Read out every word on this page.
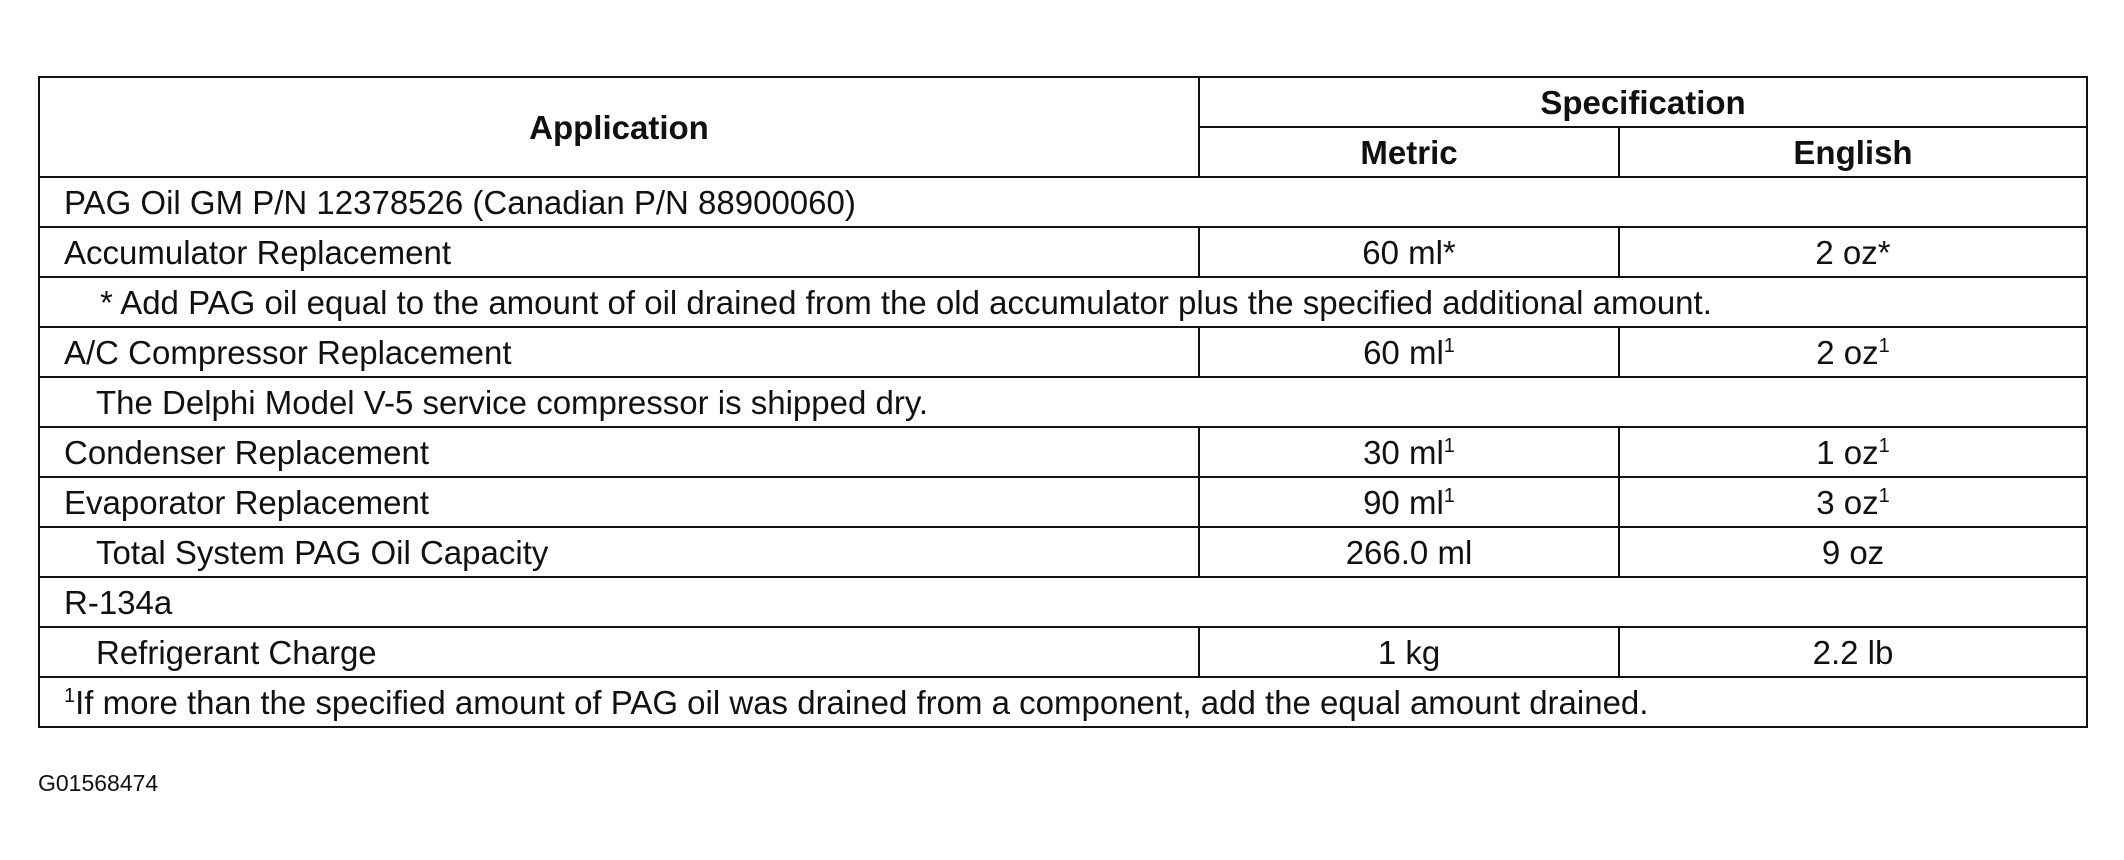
Application	Specification	
	Metric	English
PAG Oil GM P/N 12378526 (Canadian P/N 88900060)		
Accumulator Replacement	60 ml*	2 oz*
* Add PAG oil equal to the amount of oil drained from the old accumulator plus the specified additional amount.		
A/C Compressor Replacement	60 $ml^1$	2 $oz^1$
The Delphi Model V-5 service compressor is shipped dry.		
Condenser Replacement	30 $ml^1$	1 $oz^1$
Evaporator Replacement	90 $ml^1$	3 $oz^1$
Total System PAG Oil Capacity	266.0 ml	9 oz
R-134a		
Refrigerant Charge	1 kg	2.2 lb
$^1$If more than the specified amount of PAG oil was drained from a component, add the equal amount drained.		
G01568474
